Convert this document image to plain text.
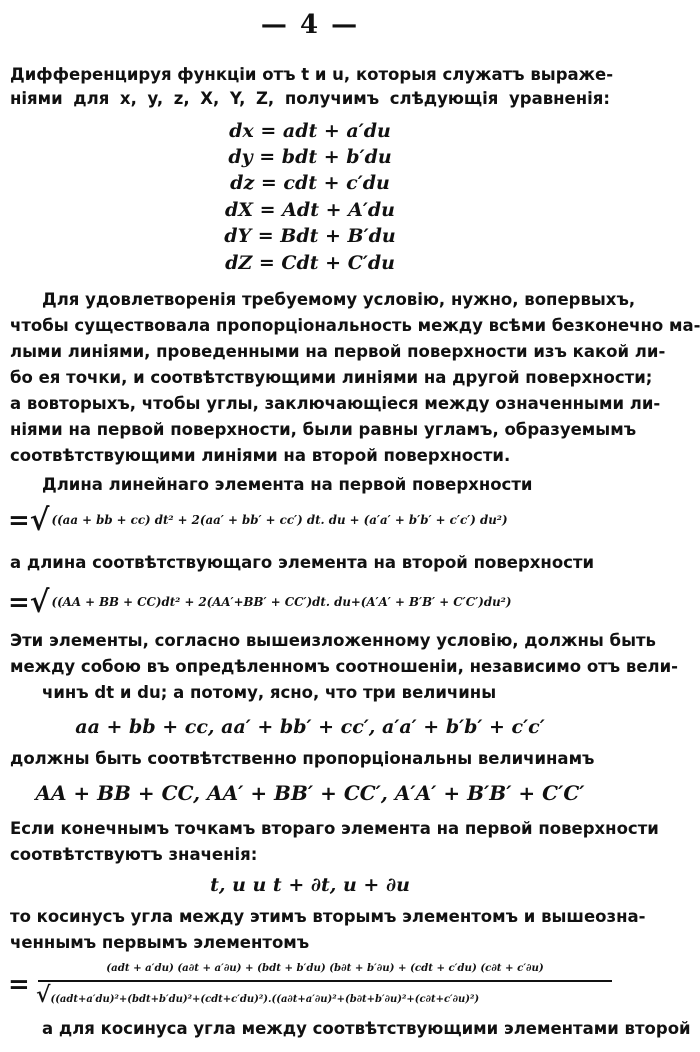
— 4 —
Дифференцируя функціи отъ t и u, которыя служатъ выраже-
ніями для x, y, z, X, Y, Z, получимъ слѣдующія уравненія:
dx = adt + a′du
dy = bdt + b′du
dz = cdt + c′du
dX = Adt + A′du
dY = Bdt + B′du
dZ = Cdt + C′du
Для удовлетворенія требуемому условію, нужно, вопервыхъ,
чтобы существовала пропорціональность между всѣми безконечно ма-
лыми линіями, проведенными на первой поверхности изъ какой ли-
бо ея точки, и соотвѣтствующими линіями на другой поверхности;
а вовторыхъ, чтобы углы, заключающіеся между означенными ли-
ніями на первой поверхности, были равны угламъ, образуемымъ
соотвѣтствующими линіями на второй поверхности.
Длина линейнаго элемента на первой поверхности
=√ ((aa + bb + cc) dt² + 2(aa′ + bb′ + cc′) dt. du + (a′a′ + b′b′ + c′c′) du²)
а длина соотвѣтствующаго элемента на второй поверхности
=√ ((AA + BB + CC)dt² + 2(AA′+BB′ + CC′)dt. du+(A′A′ + B′B′ + C′C′)du²)
Эти элементы, согласно вышеизложенному условію, должны быть
между собою въ опредѣленномъ соотношеніи, независимо отъ вели-
чинъ dt и du; а потому, ясно, что три величины
aa + bb + cc, aa′ + bb′ + cc′, a′a′ + b′b′ + c′c′
должны быть соотвѣтственно пропорціональны величинамъ
AA + BB + CC, AA′ + BB′ + CC′, A′A′ + B′B′ + C′C′
Если конечнымъ точкамъ втораго элемента на первой поверхности
соотвѣтствуютъ значенія:
t, u и t + ∂t, u + ∂u
то косинусъ угла между этимъ вторымъ элементомъ и вышеозна-
ченнымъ первымъ элементомъ
=
(adt + a′du) (a∂t + a′∂u) + (bdt + b′du) (b∂t + b′∂u) + (cdt + c′du) (c∂t + c′∂u)
√((adt+a′du)²+(bdt+b′du)²+(cdt+c′du)²).((a∂t+a′∂u)²+(b∂t+b′∂u)²+(c∂t+c′∂u)²)
а для косинуса угла между соотвѣтствующими элементами второй
